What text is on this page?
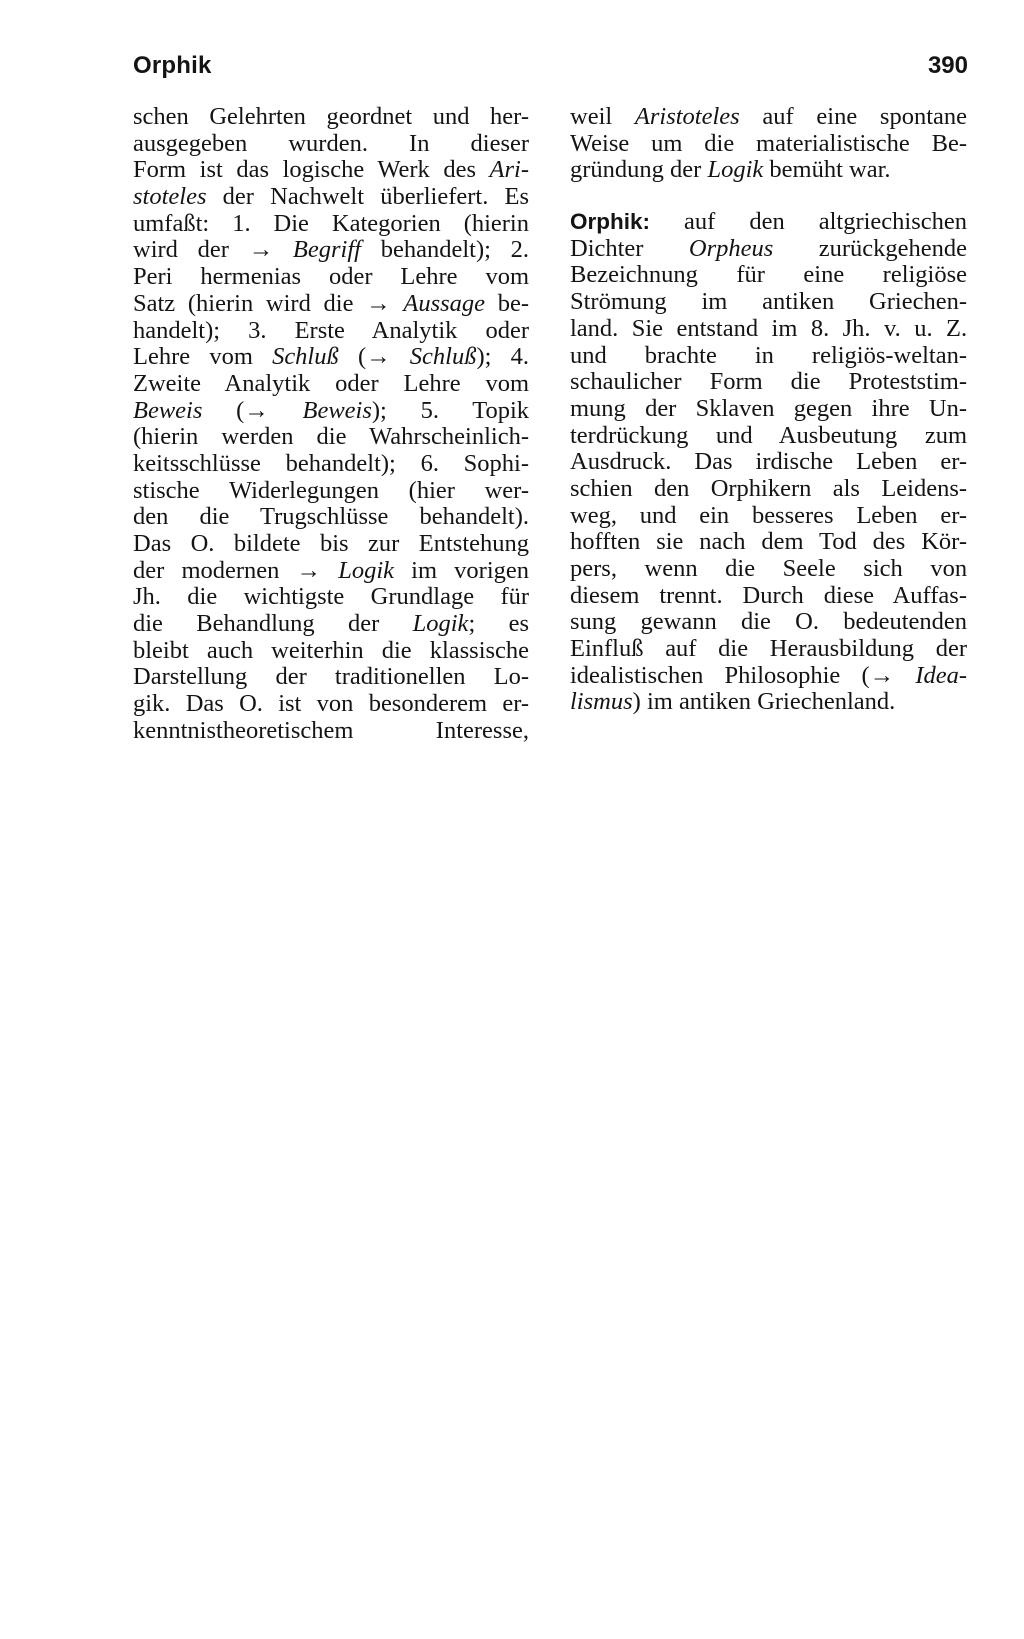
Orphik	390
schen Gelehrten geordnet und her-
ausgegeben wurden. In dieser
Form ist das logische Werk des Ari-
stoteles der Nachwelt überliefert. Es
umfaßt: 1. Die Kategorien (hierin
wird der → Begriff behandelt); 2.
Peri hermenias oder Lehre vom
Satz (hierin wird die → Aussage be-
handelt); 3. Erste Analytik oder
Lehre vom Schluß (→ Schluß); 4.
Zweite Analytik oder Lehre vom
Beweis (→ Beweis); 5. Topik
(hierin werden die Wahrscheinlich-
keitsschlüsse behandelt); 6. Sophi-
stische Widerlegungen (hier wer-
den die Trugschlüsse behandelt).
Das O. bildete bis zur Entstehung
der modernen → Logik im vorigen
Jh. die wichtigste Grundlage für
die Behandlung der Logik; es
bleibt auch weiterhin die klassische
Darstellung der traditionellen Lo-
gik. Das O. ist von besonderem er-
kenntnistheoretischem	Interesse,
weil Aristoteles auf eine spontane
Weise um die materialistische Be-
gründung der Logik bemüht war.
Orphik: auf den altgriechischen
Dichter Orpheus zurückgehende
Bezeichnung für eine religiöse
Strömung im antiken Griechen-
land. Sie entstand im 8. Jh. v. u. Z.
und brachte in religiös-weltan-
schaulicher Form die Proteststim-
mung der Sklaven gegen ihre Un-
terdrückung und Ausbeutung zum
Ausdruck. Das irdische Leben er-
schien den Orphikern als Leidens-
weg, und ein besseres Leben er-
hofften sie nach dem Tod des Kör-
pers, wenn die Seele sich von
diesem trennt. Durch diese Auffas-
sung gewann die O. bedeutenden
Einfluß auf die Herausbildung der
idealistischen Philosophie (→ Idea-
lismus) im antiken Griechenland.
